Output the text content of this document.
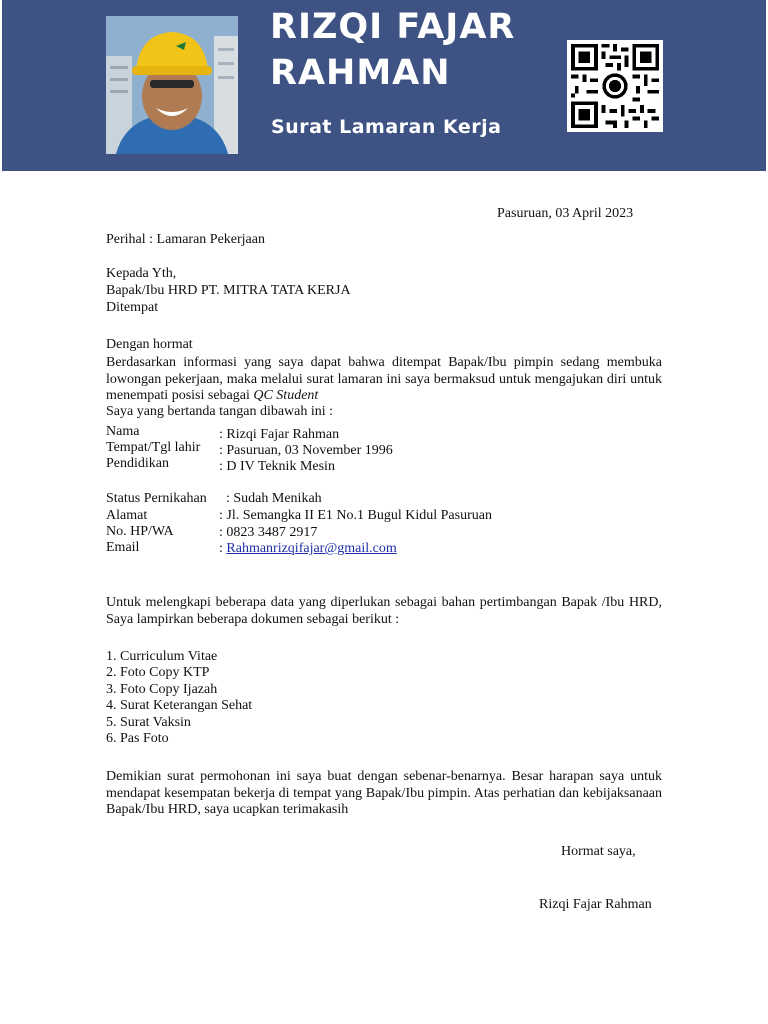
RIZQI FAJAR
RAHMAN
Surat Lamaran Kerja
Pasuruan, 03 April 2023
Perihal : Lamaran Pekerjaan
Kepada Yth,
Bapak/Ibu HRD PT. MITRA TATA KERJA
Ditempat
Dengan hormat

Berdasarkan informasi yang saya dapat bahwa ditempat Bapak/Ibu pimpin sedang membuka lowongan pekerjaan, maka melalui surat lamaran ini saya bermaksud untuk mengajukan diri untuk menempati posisi sebagai QC Student

Saya yang bertanda tangan dibawah ini :
Nama	: Rizqi Fajar Rahman
Tempat/Tgl lahir : Pasuruan, 03 November 1996
Pendidikan	: D IV Teknik Mesin
Status Pernikahan : Sudah Menikah
Alamat	: Jl. Semangka II E1 No.1 Bugul Kidul Pasuruan
No. HP/WA	: 0823 3487 2917
Email	: Rahmanrizqifajar@gmail.com

Untuk melengkapi beberapa data yang diperlukan sebagai bahan pertimbangan Bapak /Ibu HRD, Saya lampirkan beberapa dokumen sebagai berikut :

1. Curriculum Vitae
2. Foto Copy KTP
3. Foto Copy Ijazah
4. Surat Keterangan Sehat
5. Surat Vaksin
6. Pas Foto

Demikian surat permohonan ini saya buat dengan sebenar-benarnya. Besar harapan saya untuk mendapat kesempatan bekerja di tempat yang Bapak/Ibu pimpin. Atas perhatian dan kebijaksanaan Bapak/Ibu HRD, saya ucapkan terimakasih

Hormat saya,
Rizqi Fajar Rahman
